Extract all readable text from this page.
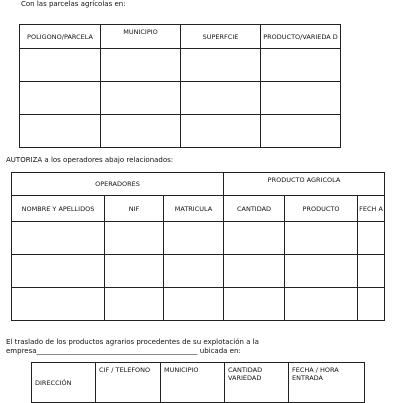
Con las parcelas agrícolas en:
POLIGONO/PARCELA	MUNICIPIO	SUPERFCIE	PRODUCTO/VARIEDA D

AUTORIZA a los operadores abajo relacionados:
OPERADORES			PRODUCTO AGRICOLA		
NOMBRE Y APELLIDOS	NIF	MATRICULA	CANTIDAD	PRODUCTO	FECH A

El traslado de los productos agrarios procedentes de su explotación a la
empresa______________________________________________ ubicada en:
DIRECCIÓN	CIF / TELEFONO	MUNICIPIO	CANTIDAD VARIEDAD	FECHA / HORA ENTRADA
